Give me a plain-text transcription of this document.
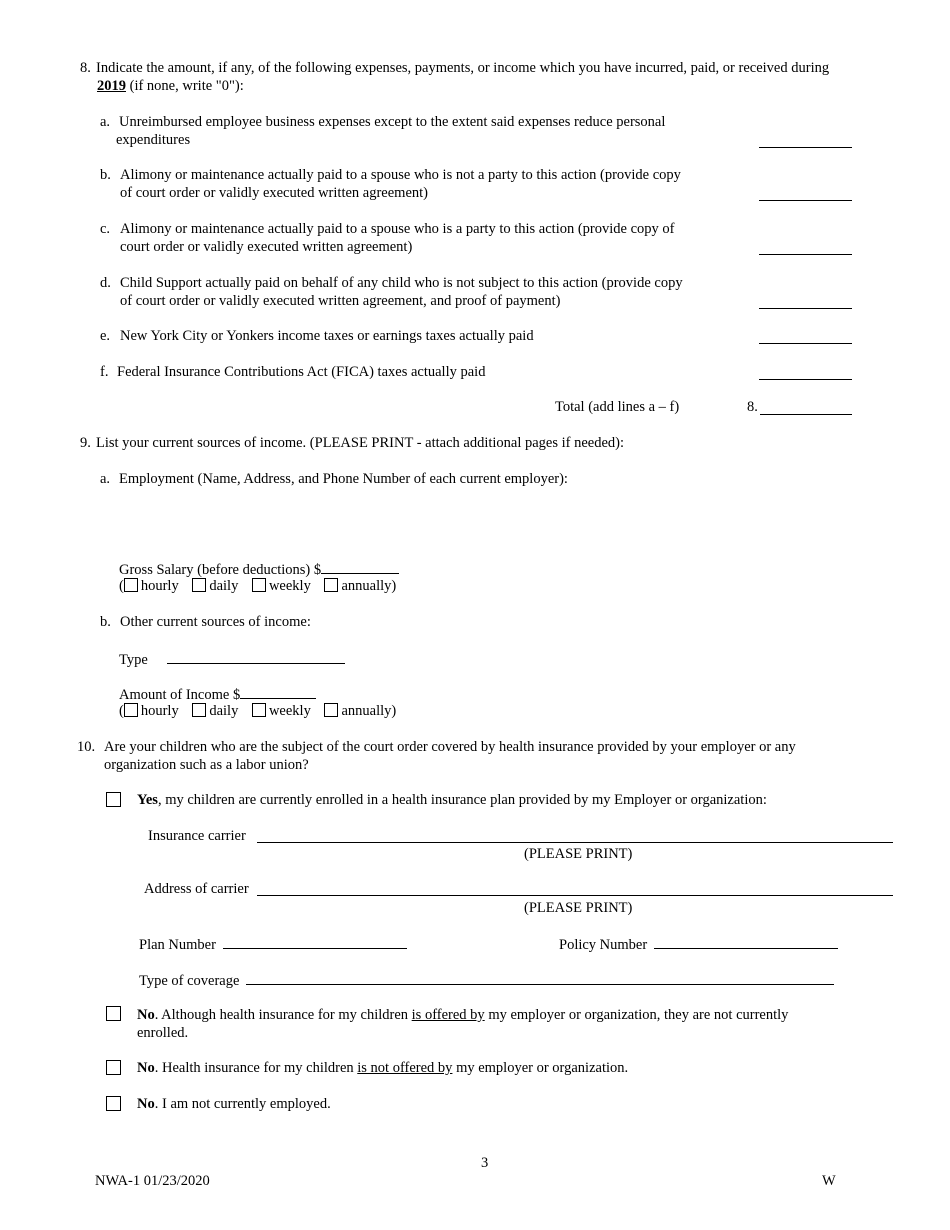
8. Indicate the amount, if any, of the following expenses, payments, or income which you have incurred, paid, or received during
2019 (if none, write "0"):
a. Unreimbursed employee business expenses except to the extent said expenses reduce personal
expenditures
b. Alimony or maintenance actually paid to a spouse who is not a party to this action (provide copy
of court order or validly executed written agreement)
c. Alimony or maintenance actually paid to a spouse who is a party to this action (provide copy of
court order or validly executed written agreement)
d. Child Support actually paid on behalf of any child who is not subject to this action (provide copy
of court order or validly executed written agreement, and proof of payment)
e. New York City or Yonkers income taxes or earnings taxes actually paid
f. Federal Insurance Contributions Act (FICA) taxes actually paid
Total (add lines a – f)	8.
9. List your current sources of income. (PLEASE PRINT - attach additional pages if needed):
a. Employment (Name, Address, and Phone Number of each current employer):
Gross Salary (before deductions) $
( hourly daily weekly annually)
b. Other current sources of income:
Type
Amount of Income $
( hourly daily weekly annually)
10. Are your children who are the subject of the court order covered by health insurance provided by your employer or any
organization such as a labor union?
Yes, my children are currently enrolled in a health insurance plan provided by my Employer or organization:
Insurance carrier
(PLEASE PRINT)
Address of carrier
(PLEASE PRINT)
Plan Number	Policy Number
Type of coverage
No. Although health insurance for my children is offered by my employer or organization, they are not currently
enrolled.
No. Health insurance for my children is not offered by my employer or organization.
No. I am not currently employed.
3
NWA-1 01/23/2020	W
